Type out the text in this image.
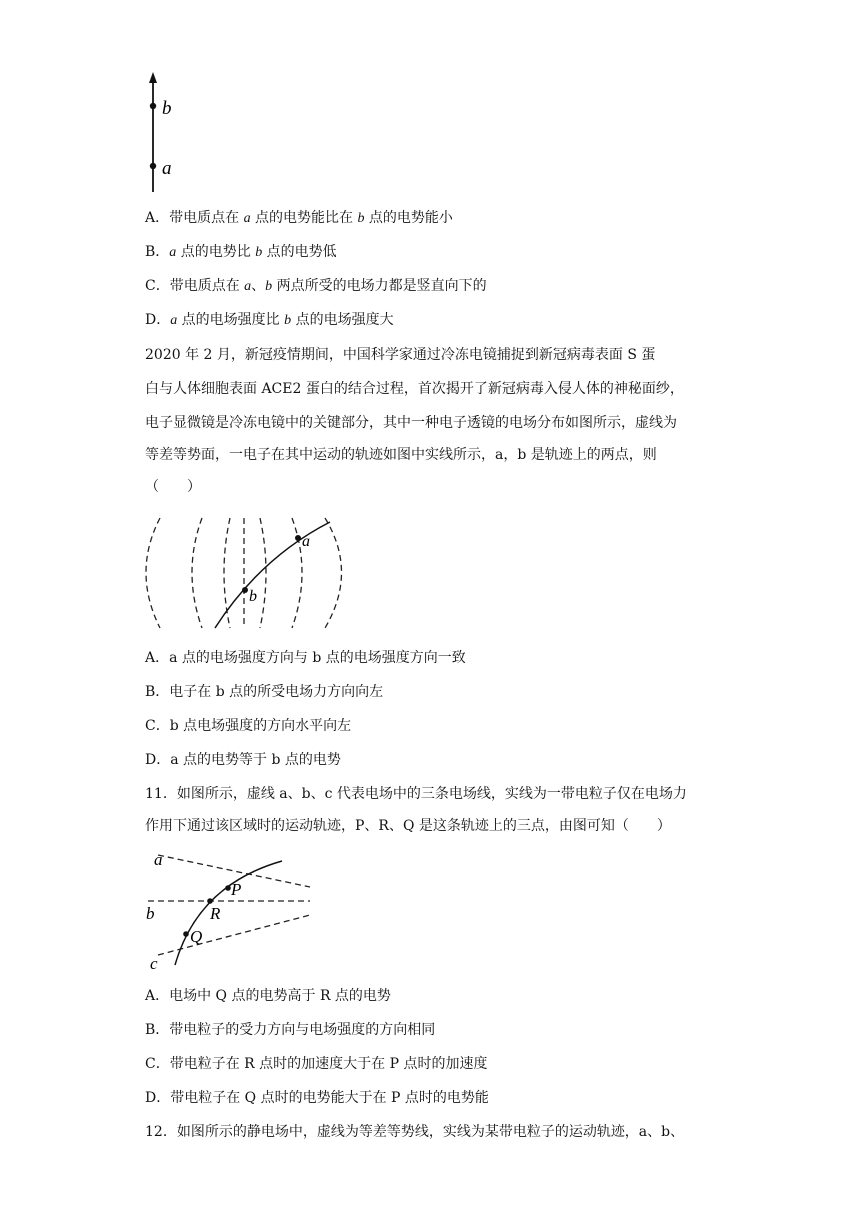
b
a
A．带电质点在 a 点的电势能比在 b 点的电势能小
B．a 点的电势比 b 点的电势低
C．带电质点在 a、b 两点所受的电场力都是竖直向下的
D．a 点的电场强度比 b 点的电场强度大
2020 年 2 月，新冠疫情期间，中国科学家通过冷冻电镜捕捉到新冠病毒表面 S 蛋
白与人体细胞表面 ACE2 蛋白的结合过程，首次揭开了新冠病毒入侵人体的神秘面纱，
电子显微镜是冷冻电镜中的关键部分，其中一种电子透镜的电场分布如图所示，虚线为
等差等势面，一电子在其中运动的轨迹如图中实线所示，a，b 是轨迹上的两点，则
（　　）
a
b
A．a 点的电场强度方向与 b 点的电场强度方向一致
B．电子在 b 点的所受电场力方向向左
C．b 点电场强度的方向水平向左
D．a 点的电势等于 b 点的电势
11．如图所示，虚线 a、b、c 代表电场中的三条电场线，实线为一带电粒子仅在电场力
作用下通过该区域时的运动轨迹，P、R、Q 是这条轨迹上的三点，由图可知（　　）
a
b
c
P
R
Q
A．电场中 Q 点的电势高于 R 点的电势
B．带电粒子的受力方向与电场强度的方向相同
C．带电粒子在 R 点时的加速度大于在 P 点时的加速度
D．带电粒子在 Q 点时的电势能大于在 P 点时的电势能
12．如图所示的静电场中，虚线为等差等势线，实线为某带电粒子的运动轨迹，a、b、
